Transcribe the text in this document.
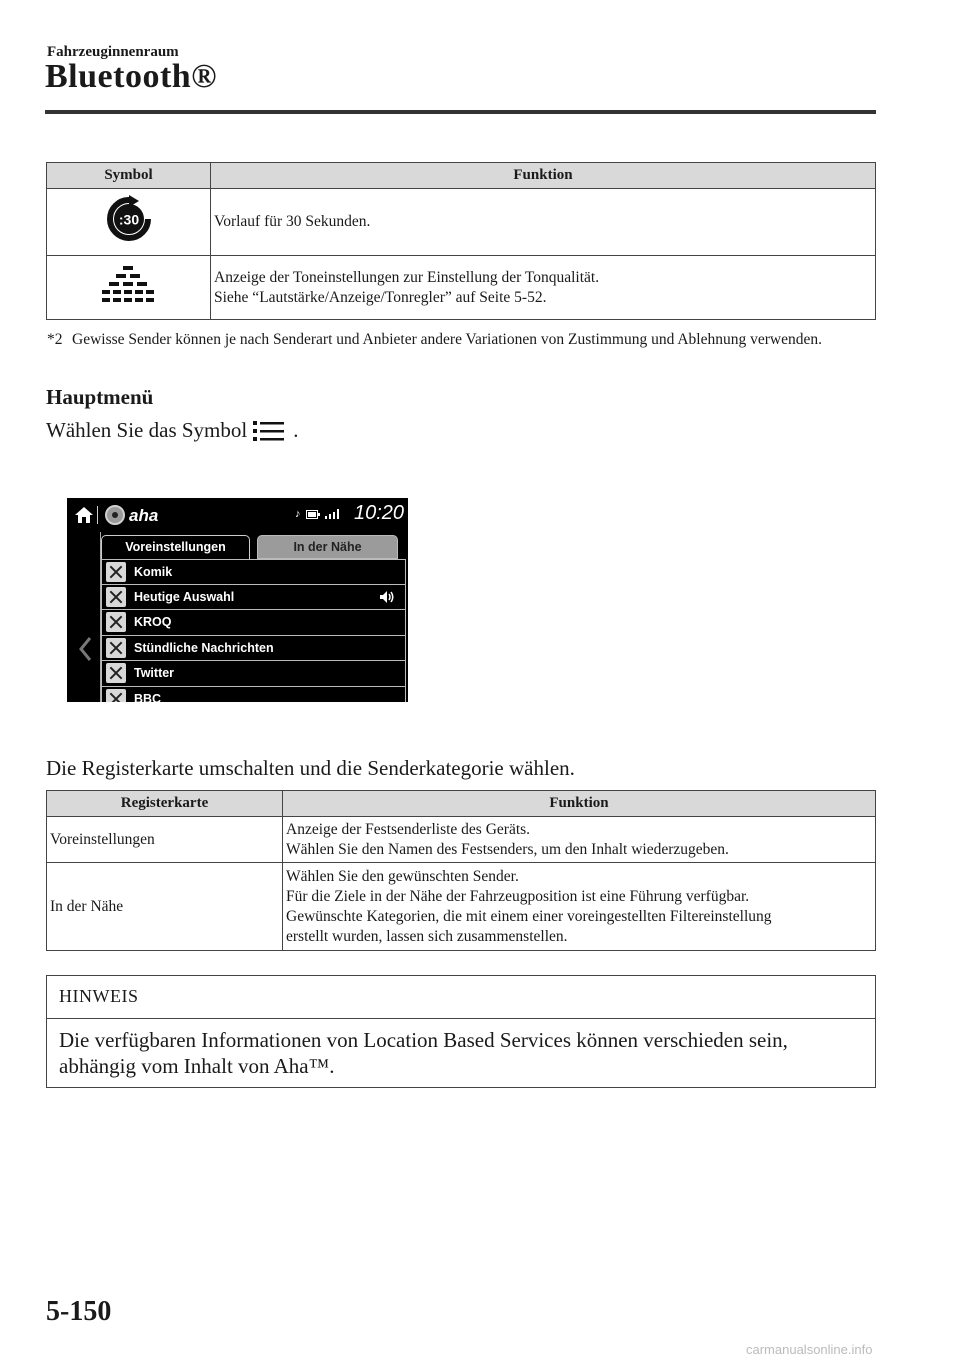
Fahrzeuginnenraum
Bluetooth®
Symbol	Funktion

:30	Vorlauf für 30 Sekunden.

Anzeige der Toneinstellungen zur Einstellung der Tonqualität.
Siehe “Lautstärke/Anzeige/Tonregler” auf Seite 5-52.
*2 Gewisse Sender können je nach Senderart und Anbieter andere Variationen von Zustimmung und Ablehnung verwenden.
Hauptmenü
Wählen Sie das Symbol .
aha	♪	10:20
Voreinstellungen	In der Nähe
Komik
Heutige Auswahl
KROQ
Stündliche Nachrichten
Twitter
BBC
Die Registerkarte umschalten und die Senderkategorie wählen.
Registerkarte	Funktion
Voreinstellungen	Anzeige der Festsenderliste des Geräts.
Wählen Sie den Namen des Festsenders, um den Inhalt wiederzugeben.

In der Nähe	Wählen Sie den gewünschten Sender.
Für die Ziele in der Nähe der Fahrzeugposition ist eine Führung verfügbar.
Gewünschte Kategorien, die mit einem einer voreingestellten Filtereinstellung
erstellt wurden, lassen sich zusammenstellen.
HINWEIS
Die verfügbaren Informationen von Location Based Services können verschieden sein, abhängig vom Inhalt von Aha™.
5-150
carmanualsonline.info
